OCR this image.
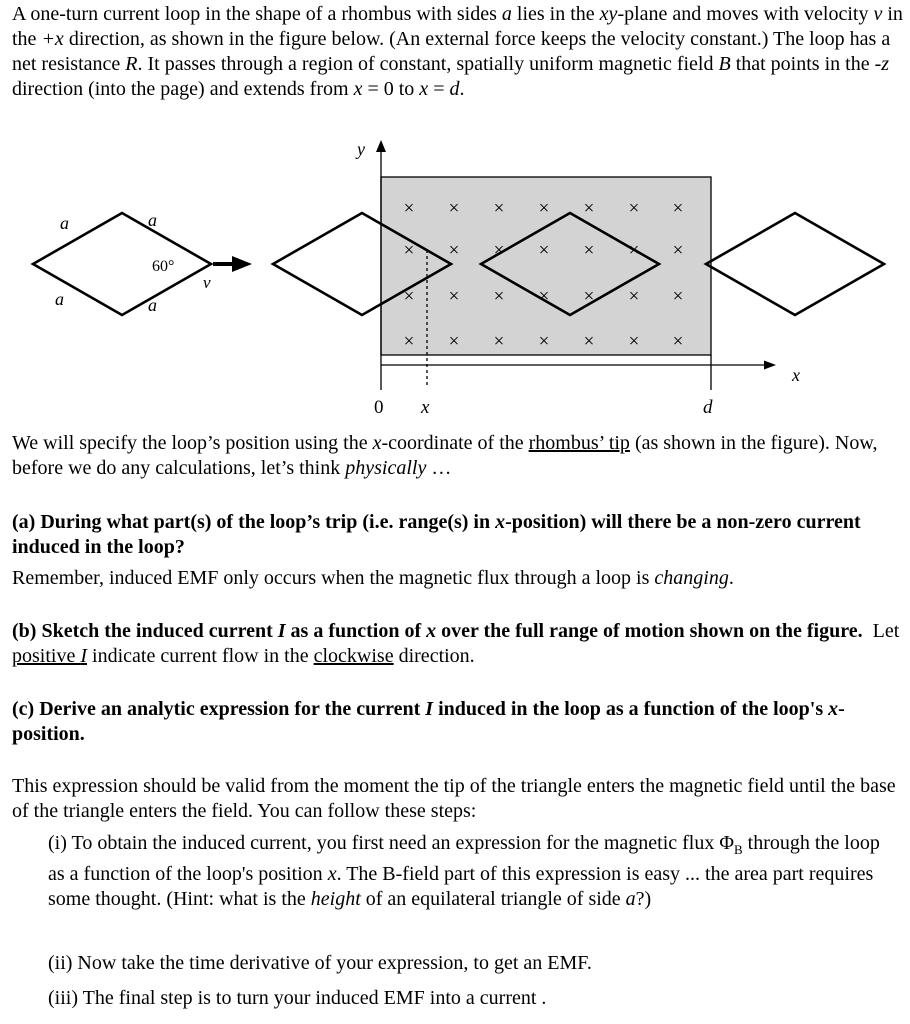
A one-turn current loop in the shape of a rhombus with sides a lies in the xy-plane and moves with velocity v in the +x direction, as shown in the figure below. (An external force keeps the velocity constant.) The loop has a net resistance R. It passes through a region of constant, spatially uniform magnetic field B that points in the -z direction (into the page) and extends from x = 0 to x = d.

× × × × × × ×
× × × × × × ×
× × × × × × ×
× × × × × × ×
a	a
a	a
60°
v
y
x
0 x	d

We will specify the loop’s position using the x-coordinate of the rhombus’ tip (as shown in the figure). Now, before we do any calculations, let’s think physically …

(a) During what part(s) of the loop’s trip (i.e. range(s) in x-position) will there be a non-zero current induced in the loop?

Remember, induced EMF only occurs when the magnetic flux through a loop is changing.

(b) Sketch the induced current I as a function of x over the full range of motion shown on the figure.  Let positive I indicate current flow in the clockwise direction.

(c) Derive an analytic expression for the current I induced in the loop as a function of the loop's x-position.

This expression should be valid from the moment the tip of the triangle enters the magnetic field until the base of the triangle enters the field. You can follow these steps:

(i) To obtain the induced current, you first need an expression for the magnetic flux $\Phi_B$ through the loop as a function of the loop's position x. The B-field part of this expression is easy ... the area part requires some thought. (Hint: what is the height of an equilateral triangle of side a?)

(ii) Now take the time derivative of your expression, to get an EMF.

(iii) The final step is to turn your induced EMF into a current .
